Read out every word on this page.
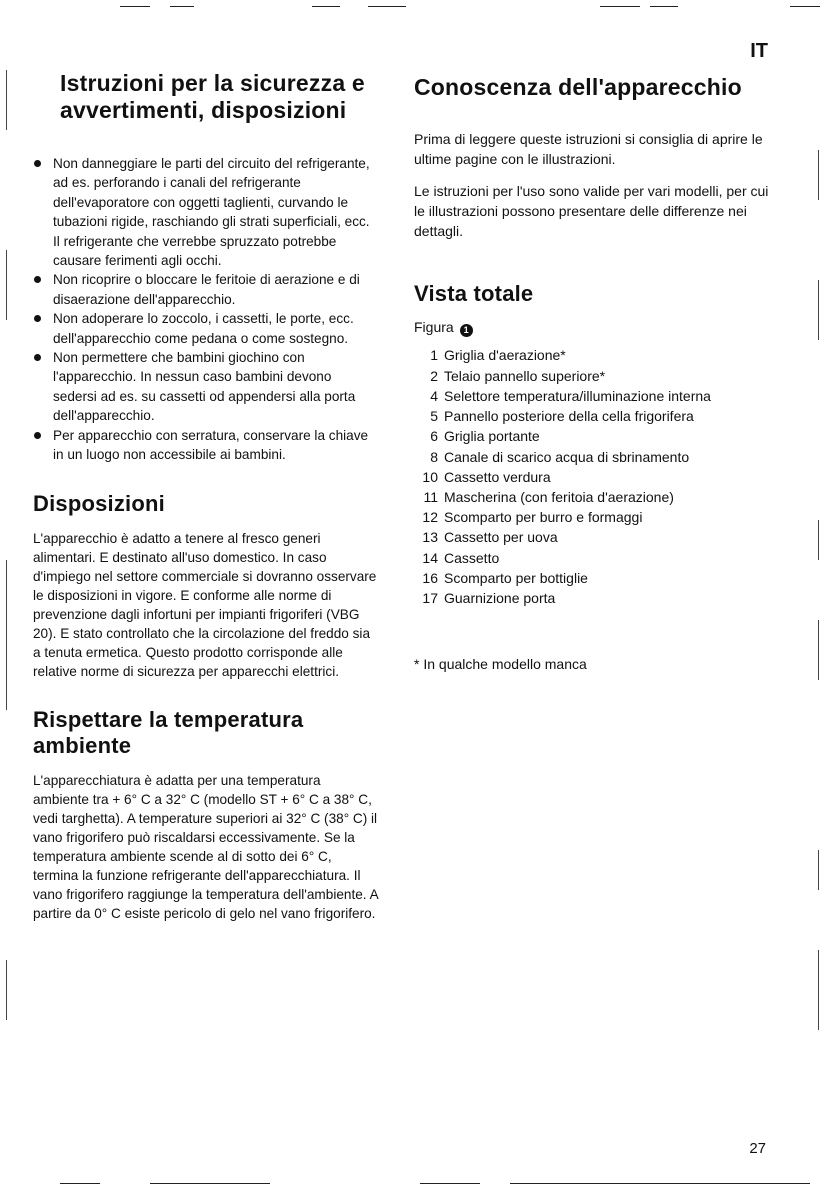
IT
Istruzioni per la sicurezza e avvertimenti, disposizioni
Non danneggiare le parti del circuito del refrigerante, ad es. perforando i canali del refrigerante dell'evaporatore con oggetti taglienti, curvando le tubazioni rigide, raschiando gli strati superficiali, ecc. Il refrigerante che verrebbe spruzzato potrebbe causare ferimenti agli occhi.
Non ricoprire o bloccare le feritoie di aerazione e di disaerazione dell'apparecchio.
Non adoperare lo zoccolo, i cassetti, le porte, ecc. dell'apparecchio come pedana o come sostegno.
Non permettere che bambini giochino con l'apparecchio. In nessun caso bambini devono sedersi ad es. su cassetti od appendersi alla porta dell'apparecchio.
Per apparecchio con serratura, conservare la chiave in un luogo non accessibile ai bambini.
Disposizioni

L'apparecchio è adatto a tenere al fresco generi alimentari. E destinato all'uso domestico. In caso d'impiego nel settore commerciale si dovranno osservare le disposizioni in vigore. E conforme alle norme di prevenzione dagli infortuni per impianti frigoriferi (VBG 20). E stato controllato che la circolazione del freddo sia a tenuta ermetica. Questo prodotto corrisponde alle relative norme di sicurezza per apparecchi elettrici.

Rispettare la temperatura ambiente

L'apparecchiatura è adatta per una temperatura ambiente tra + 6° C a 32° C (modello ST + 6° C a 38° C, vedi targhetta). A temperature superiori ai 32° C (38° C) il vano frigorifero può riscaldarsi eccessivamente. Se la temperatura ambiente scende al di sotto dei 6° C, termina la funzione refrigerante dell'apparecchiatura. Il vano frigorifero raggiunge la temperatura dell'ambiente. A partire da 0° C esiste pericolo di gelo nel vano frigorifero.

Conoscenza dell'apparecchio

Prima di leggere queste istruzioni si consiglia di aprire le ultime pagine con le illustrazioni.

Le istruzioni per l'uso sono valide per vari modelli, per cui le illustrazioni possono presentare delle differenze nei dettagli.

Vista totale
Figura 1
1 Griglia d'aerazione*
2 Telaio pannello superiore*
4 Selettore temperatura/illuminazione interna
5 Pannello posteriore della cella frigorifera
6 Griglia portante
8 Canale di scarico acqua di sbrinamento
10 Cassetto verdura
11 Mascherina (con feritoia d'aerazione)
12 Scomparto per burro e formaggi
13 Cassetto per uova
14 Cassetto
16 Scomparto per bottiglie
17 Guarnizione porta
* In qualche modello manca
27
